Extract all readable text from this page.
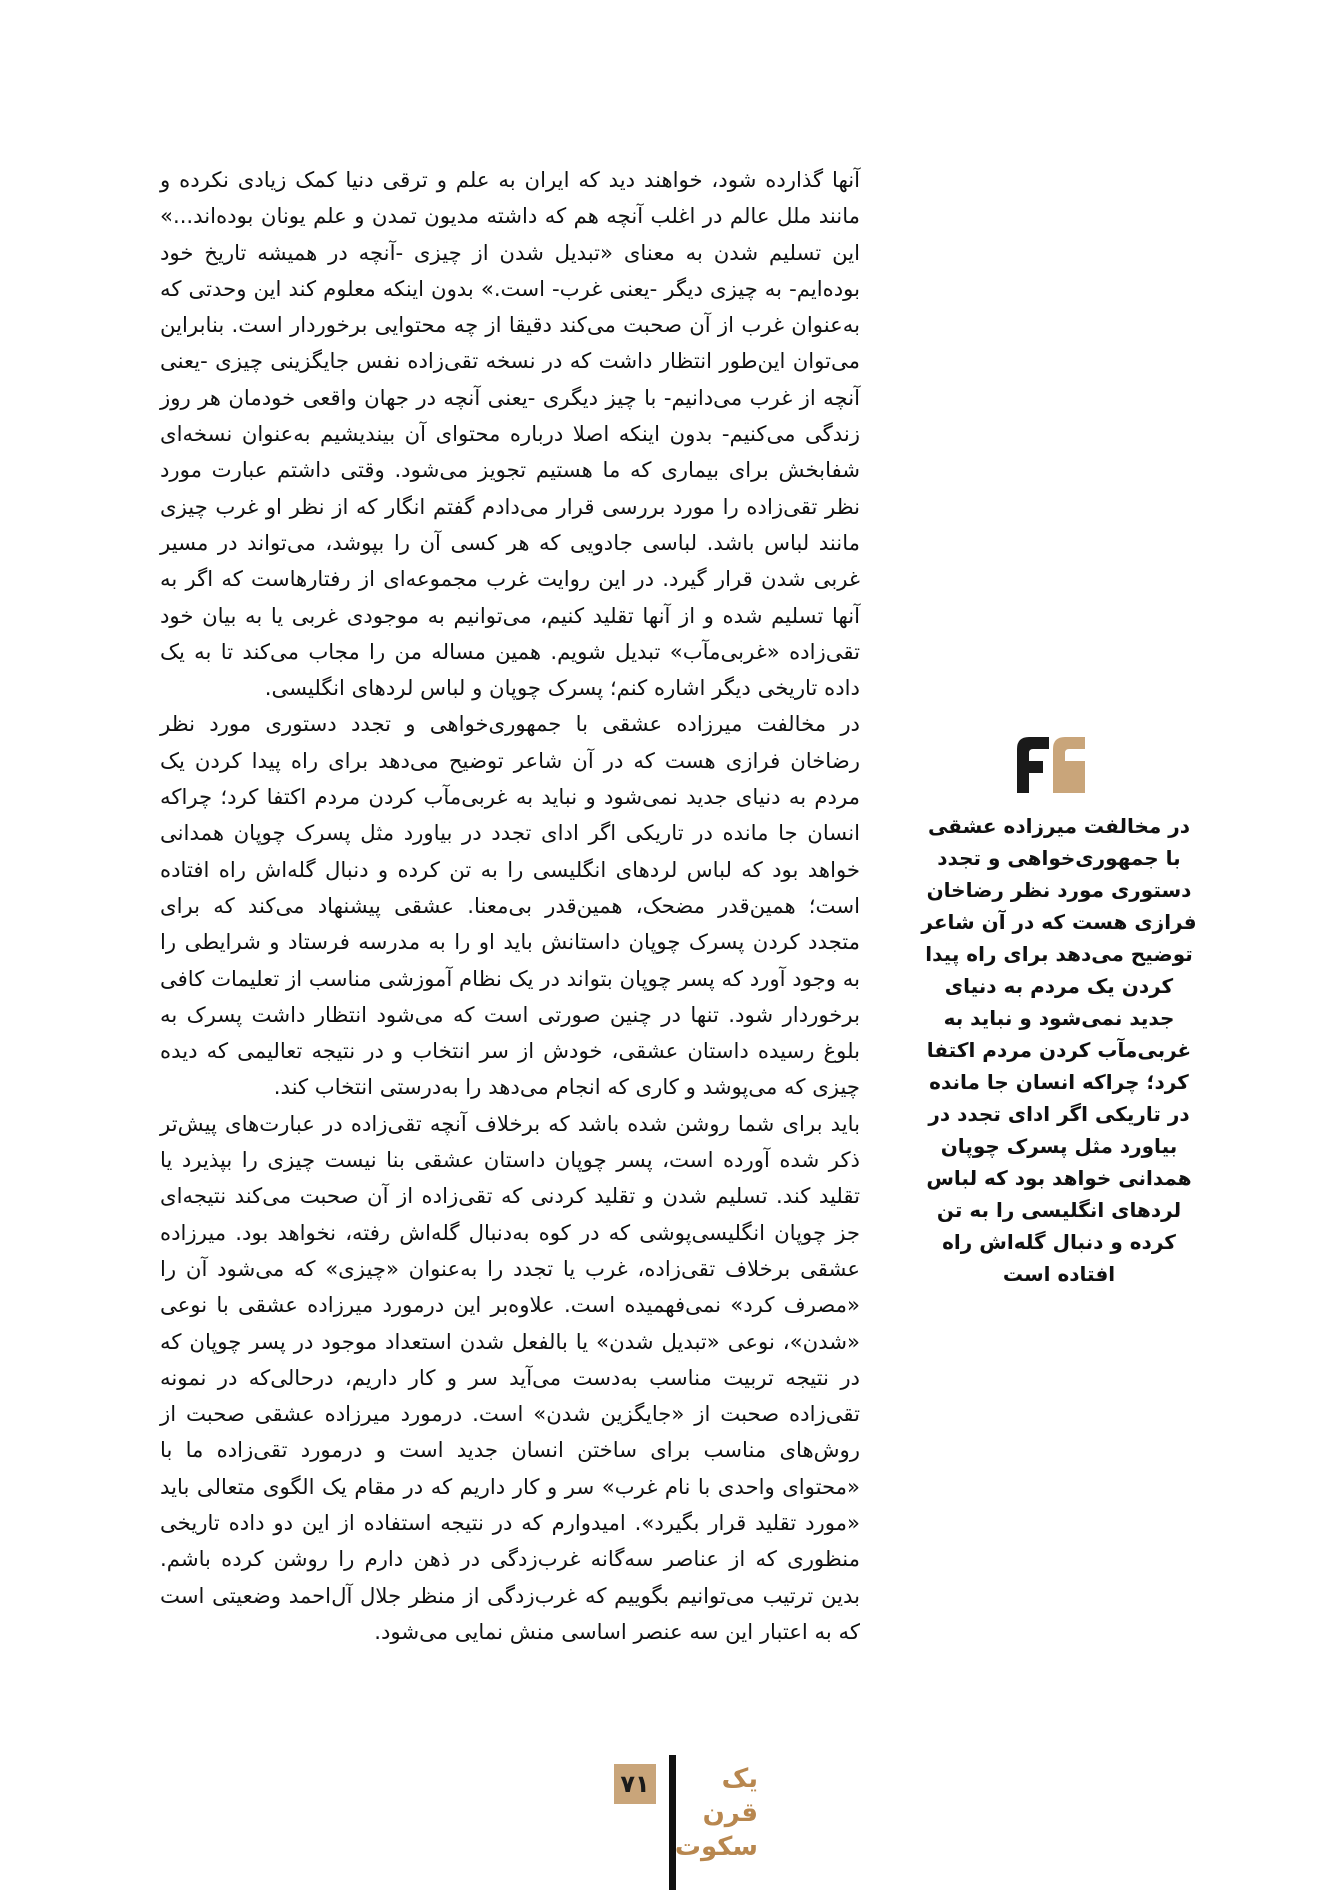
آنها گذارده شود، خواهند دید که ایران به علم و ترقی دنیا کمک زیادی نکرده و مانند ملل عالم در اغلب آنچه هم که داشته مدیون تمدن و علم یونان بوده‌اند...» این تسلیم شدن به معنای «تبدیل شدن از چیزی -آنچه در همیشه تاریخ خود بوده‌ایم- به چیزی دیگر -یعنی غرب- است.» بدون اینکه معلوم کند این وحدتی که به‌عنوان غرب از آن صحبت می‌کند دقیقا از چه محتوایی برخوردار است. بنابراین می‌توان این‌طور انتظار داشت که در نسخه تقی‌زاده نفس جایگزینی چیزی -یعنی آنچه از غرب می‌دانیم- با چیز دیگری -یعنی آنچه در جهان واقعی خودمان هر روز زندگی می‌کنیم- بدون اینکه اصلا درباره محتوای آن بیندیشیم به‌عنوان نسخه‌ای شفابخش برای بیماری که ما هستیم تجویز می‌شود. وقتی داشتم عبارت مورد نظر تقی‌زاده را مورد بررسی قرار می‌دادم گفتم انگار که از نظر او غرب چیزی مانند لباس باشد. لباسی جادویی که هر کسی آن را بپوشد، می‌تواند در مسیر غربی شدن قرار گیرد. در این روایت غرب مجموعه‌ای از رفتارهاست که اگر به آنها تسلیم شده و از آنها تقلید کنیم، می‌توانیم به موجودی غربی یا به بیان خود تقی‌زاده «غربی‌مآب» تبدیل شویم. همین مساله من را مجاب می‌کند تا به یک داده تاریخی دیگر اشاره کنم؛ پسرک چوپان و لباس لردهای انگلیسی.

در مخالفت میرزاده عشقی با جمهوری‌خواهی و تجدد دستوری مورد نظر رضاخان فرازی هست که در آن شاعر توضیح می‌دهد برای راه پیدا کردن یک مردم به دنیای جدید نمی‌شود و نباید به غربی‌مآب کردن مردم اکتفا کرد؛ چراکه انسان جا مانده در تاریکی اگر ادای تجدد در بیاورد مثل پسرک چوپان همدانی خواهد بود که لباس لردهای انگلیسی را به تن کرده و دنبال گله‌اش راه افتاده است؛ همین‌قدر مضحک، همین‌قدر بی‌معنا. عشقی پیشنهاد می‌کند که برای متجدد کردن پسرک چوپان داستانش باید او را به مدرسه فرستاد و شرایطی را به وجود آورد که پسر چوپان بتواند در یک نظام آموزشی مناسب از تعلیمات کافی برخوردار شود. تنها در چنین صورتی است که می‌شود انتظار داشت پسرک به بلوغ رسیده داستان عشقی، خودش از سر انتخاب و در نتیجه تعالیمی که دیده چیزی که می‌پوشد و کاری که انجام می‌دهد را به‌درستی انتخاب کند.

باید برای شما روشن شده باشد که برخلاف آنچه تقی‌زاده در عبارت‌های پیش‌تر ذکر شده آورده است، پسر چوپان داستان عشقی بنا نیست چیزی را بپذیرد یا تقلید کند. تسلیم شدن و تقلید کردنی که تقی‌زاده از آن صحبت می‌کند نتیجه‌ای جز چوپان انگلیسی‌پوشی که در کوه به‌دنبال گله‌اش رفته، نخواهد بود. میرزاده عشقی برخلاف تقی‌زاده، غرب یا تجدد را به‌عنوان «چیزی» که می‌شود آن را «مصرف کرد» نمی‌فهمیده است. علاوه‌بر این درمورد میرزاده عشقی با نوعی «شدن»، نوعی «تبدیل شدن» یا بالفعل شدن استعداد موجود در پسر چوپان که در نتیجه تربیت مناسب به‌دست می‌آید سر و کار داریم، درحالی‌که در نمونه تقی‌زاده صحبت از «جایگزین شدن» است. درمورد میرزاده عشقی صحبت از روش‌های مناسب برای ساختن انسان جدید است و درمورد تقی‌زاده ما با «محتوای واحدی با نام غرب» سر و کار داریم که در مقام یک الگوی متعالی باید «مورد تقلید قرار بگیرد». امیدوارم که در نتیجه استفاده از این دو داده تاریخی منظوری که از عناصر سه‌گانه غرب‌زدگی در ذهن دارم را روشن کرده باشم. بدین ترتیب می‌توانیم بگوییم که غرب‌زدگی از منظر جلال آل‌احمد وضعیتی است که به اعتبار این سه عنصر اساسی منش نمایی می‌شود.

در مخالفت میرزاده عشقی با جمهوری‌خواهی و تجدد دستوری مورد نظر رضاخان فرازی هست که در آن شاعر توضیح می‌دهد برای راه پیدا کردن یک مردم به دنیای جدید نمی‌شود و نباید به غربی‌مآب کردن مردم اکتفا کرد؛ چراکه انسان جا مانده در تاریکی اگر ادای تجدد در بیاورد مثل پسرک چوپان همدانی خواهد بود که لباس لردهای انگلیسی را به تن کرده و دنبال گله‌اش راه افتاده است

۷۱	یک قرن
سکوت
